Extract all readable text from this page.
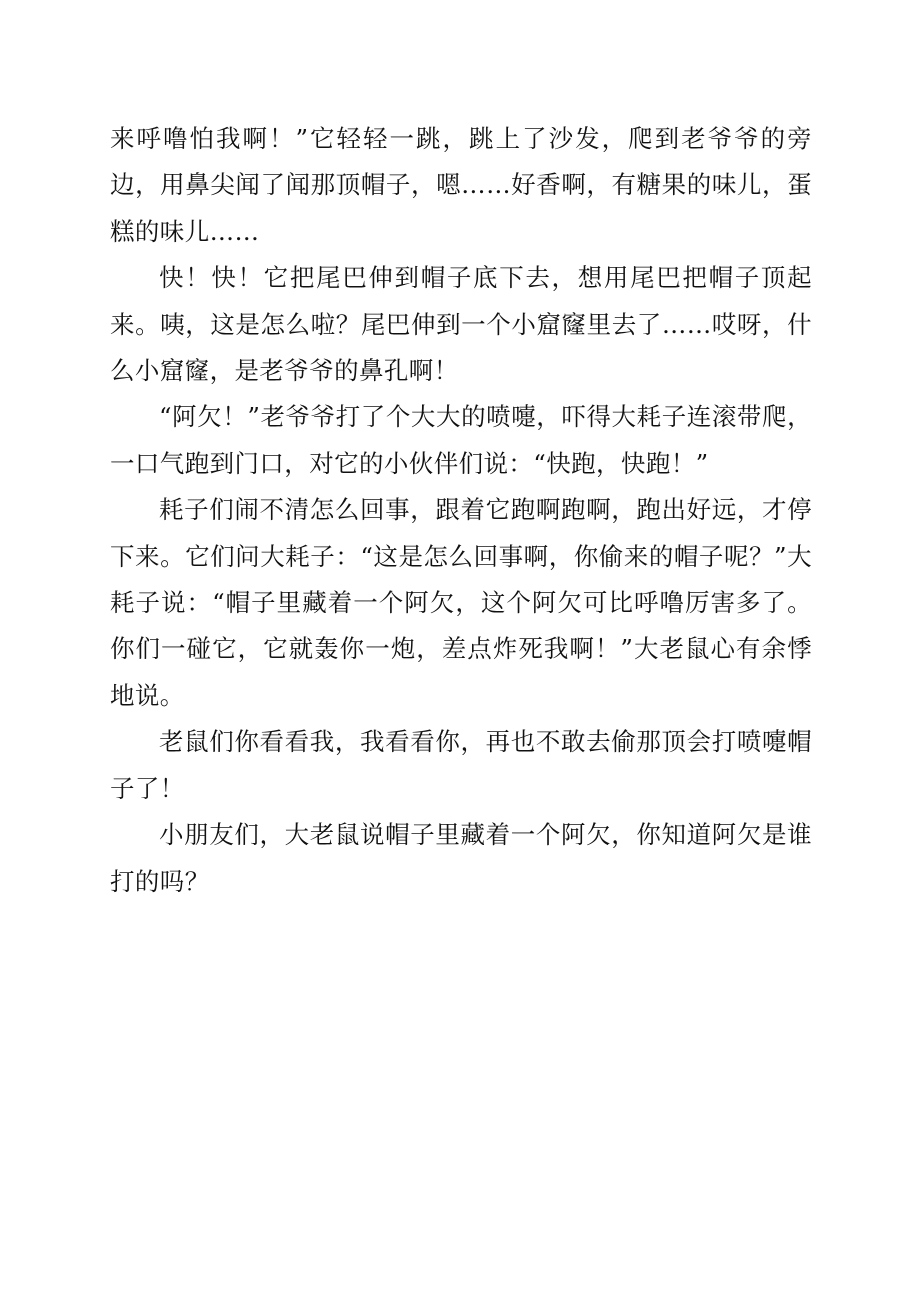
来呼噜怕我啊！”它轻轻一跳，跳上了沙发，爬到老爷爷的旁边，用鼻尖闻了闻那顶帽子，嗯……好香啊，有糖果的味儿，蛋糕的味儿……

快！快！它把尾巴伸到帽子底下去，想用尾巴把帽子顶起来。咦，这是怎么啦？尾巴伸到一个小窟窿里去了……哎呀，什么小窟窿，是老爷爷的鼻孔啊！

“阿欠！”老爷爷打了个大大的喷嚏，吓得大耗子连滚带爬，一口气跑到门口，对它的小伙伴们说：“快跑，快跑！”

耗子们闹不清怎么回事，跟着它跑啊跑啊，跑出好远，才停下来。它们问大耗子：“这是怎么回事啊，你偷来的帽子呢？”大耗子说：“帽子里藏着一个阿欠，这个阿欠可比呼噜厉害多了。你们一碰它，它就轰你一炮，差点炸死我啊！”大老鼠心有余悸地说。

老鼠们你看看我，我看看你，再也不敢去偷那顶会打喷嚏帽子了！

小朋友们，大老鼠说帽子里藏着一个阿欠，你知道阿欠是谁打的吗？
